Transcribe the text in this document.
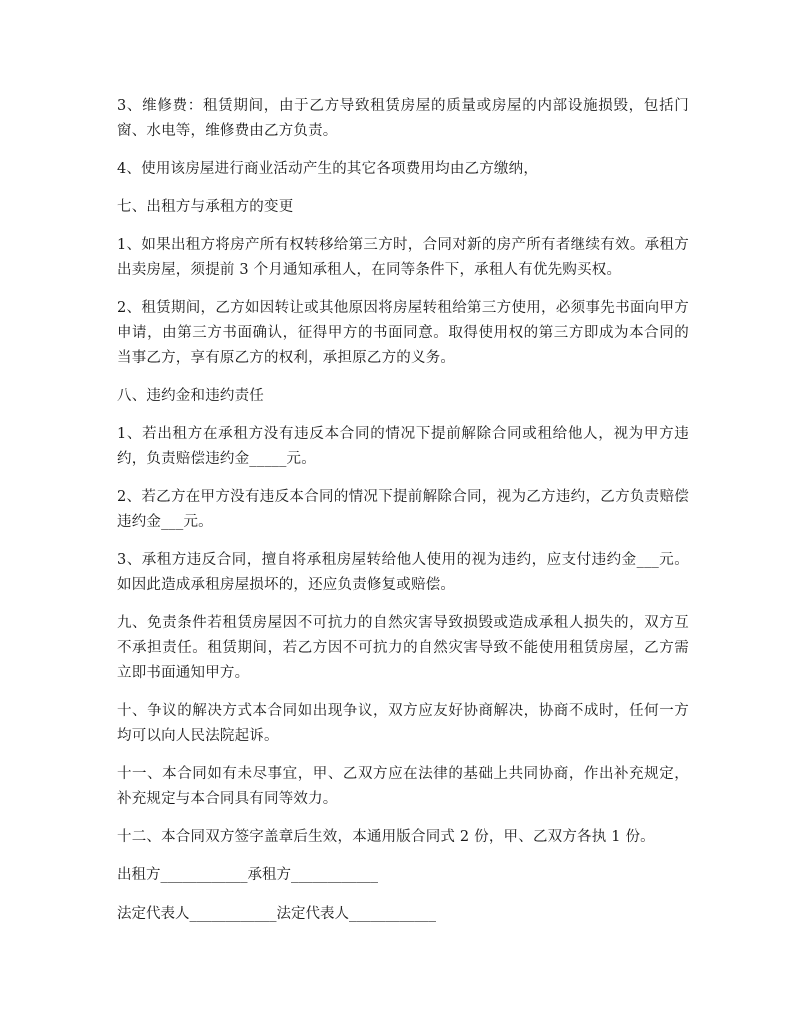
3、维修费：租赁期间，由于乙方导致租赁房屋的质量或房屋的内部设施损毁，包括门窗、水电等，维修费由乙方负责。

4、使用该房屋进行商业活动产生的其它各项费用均由乙方缴纳，

七、出租方与承租方的变更

1、如果出租方将房产所有权转移给第三方时，合同对新的房产所有者继续有效。承租方出卖房屋，须提前 3 个月通知承租人，在同等条件下，承租人有优先购买权。

2、租赁期间，乙方如因转让或其他原因将房屋转租给第三方使用，必须事先书面向甲方申请，由第三方书面确认，征得甲方的书面同意。取得使用权的第三方即成为本合同的当事乙方，享有原乙方的权利，承担原乙方的义务。

八、违约金和违约责任

1、若出租方在承租方没有违反本合同的情况下提前解除合同或租给他人，视为甲方违约，负责赔偿违约金_____元。

2、若乙方在甲方没有违反本合同的情况下提前解除合同，视为乙方违约，乙方负责赔偿违约金___元。

3、承租方违反合同，擅自将承租房屋转给他人使用的视为违约，应支付违约金___元。如因此造成承租房屋损坏的，还应负责修复或赔偿。

九、免责条件若租赁房屋因不可抗力的自然灾害导致损毁或造成承租人损失的，双方互不承担责任。租赁期间，若乙方因不可抗力的自然灾害导致不能使用租赁房屋，乙方需立即书面通知甲方。

十、争议的解决方式本合同如出现争议，双方应友好协商解决，协商不成时，任何一方均可以向人民法院起诉。

十一、本合同如有未尽事宜，甲、乙双方应在法律的基础上共同协商，作出补充规定，补充规定与本合同具有同等效力。

十二、本合同双方签字盖章后生效，本通用版合同式 2 份，甲、乙双方各执 1 份。

出租方____________承租方____________

法定代表人____________法定代表人____________
